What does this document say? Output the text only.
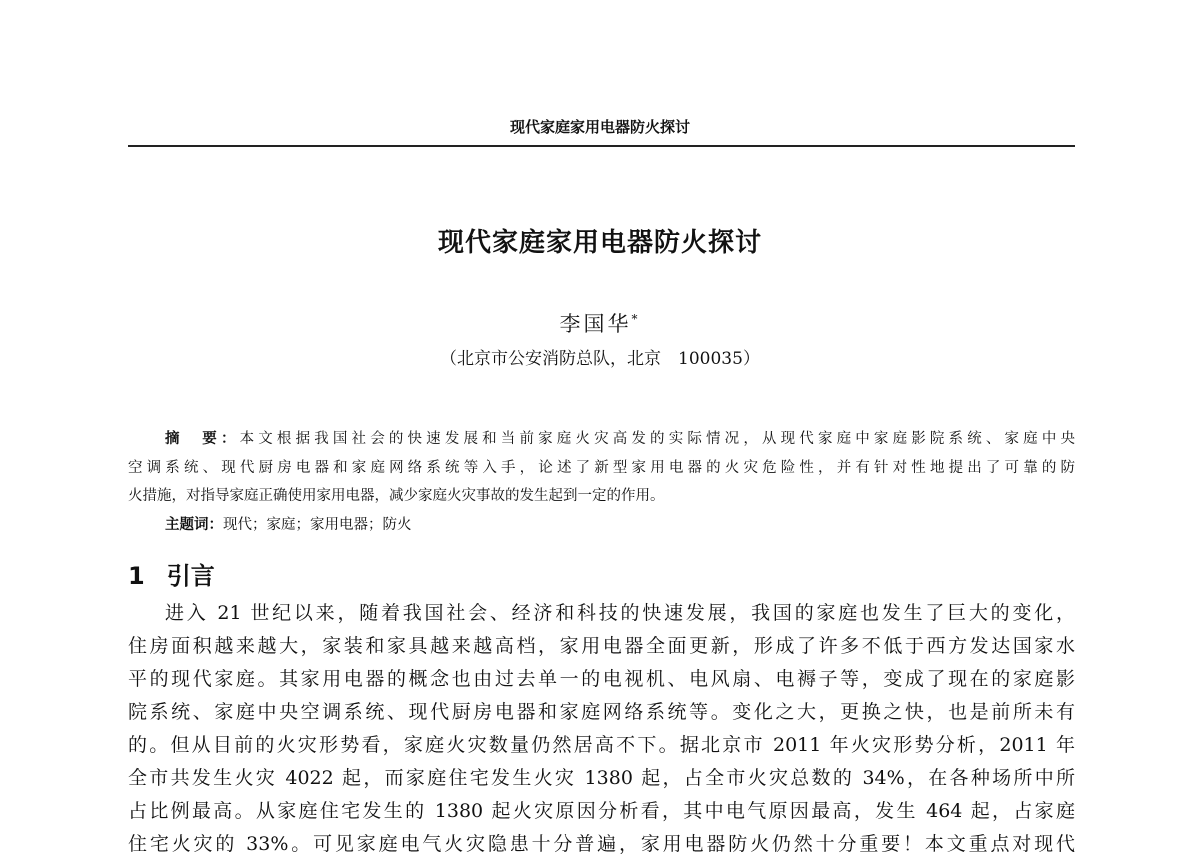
现代家庭家用电器防火探讨
现代家庭家用电器防火探讨
李国华*
（北京市公安消防总队，北京　100035）
摘　要：本文根据我国社会的快速发展和当前家庭火灾高发的实际情况，从现代家庭中家庭影院系统、家庭中央
空调系统、现代厨房电器和家庭网络系统等入手，论述了新型家用电器的火灾危险性，并有针对性地提出了可靠的防
火措施，对指导家庭正确使用家用电器，减少家庭火灾事故的发生起到一定的作用。
主题词：现代；家庭；家用电器；防火
1 引言
进入 21 世纪以来，随着我国社会、经济和科技的快速发展，我国的家庭也发生了巨大的变化，
住房面积越来越大，家装和家具越来越高档，家用电器全面更新，形成了许多不低于西方发达国家水
平的现代家庭。其家用电器的概念也由过去单一的电视机、电风扇、电褥子等，变成了现在的家庭影
院系统、家庭中央空调系统、现代厨房电器和家庭网络系统等。变化之大，更换之快，也是前所未有
的。但从目前的火灾形势看，家庭火灾数量仍然居高不下。据北京市 2011 年火灾形势分析，2011 年
全市共发生火灾 4022 起，而家庭住宅发生火灾 1380 起，占全市火灾总数的 34%，在各种场所中所
占比例最高。从家庭住宅发生的 1380 起火灾原因分析看，其中电气原因最高，发生 464 起，占家庭
住宅火灾的 33%。可见家庭电气火灾隐患十分普遍，家用电器防火仍然十分重要！本文重点对现代
